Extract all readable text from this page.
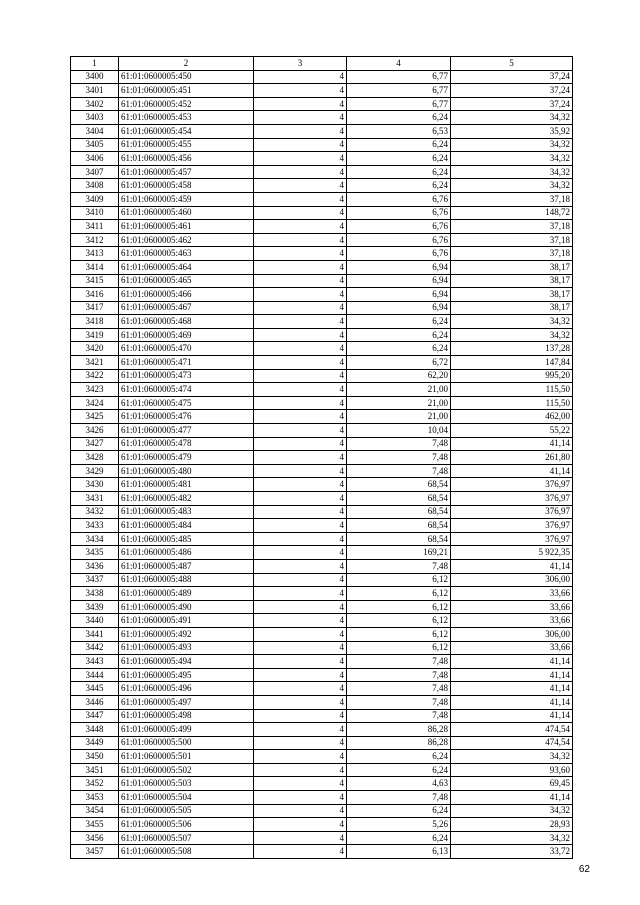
1	2	3	4	5
3400	61:01:0600005:450	4	6,77	37,24
3401	61:01:0600005:451	4	6,77	37,24
3402	61:01:0600005:452	4	6,77	37,24
3403	61:01:0600005:453	4	6,24	34,32
3404	61:01:0600005:454	4	6,53	35,92
3405	61:01:0600005:455	4	6,24	34,32
3406	61:01:0600005:456	4	6,24	34,32
3407	61:01:0600005:457	4	6,24	34,32
3408	61:01:0600005:458	4	6,24	34,32
3409	61:01:0600005:459	4	6,76	37,18
3410	61:01:0600005:460	4	6,76	148,72
3411	61:01:0600005:461	4	6,76	37,18
3412	61:01:0600005:462	4	6,76	37,18
3413	61:01:0600005:463	4	6,76	37,18
3414	61:01:0600005:464	4	6,94	38,17
3415	61:01:0600005:465	4	6,94	38,17
3416	61:01:0600005:466	4	6,94	38,17
3417	61:01:0600005:467	4	6,94	38,17
3418	61:01:0600005:468	4	6,24	34,32
3419	61:01:0600005:469	4	6,24	34,32
3420	61:01:0600005:470	4	6,24	137,28
3421	61:01:0600005:471	4	6,72	147,84
3422	61:01:0600005:473	4	62,20	995,20
3423	61:01:0600005:474	4	21,00	115,50
3424	61:01:0600005:475	4	21,00	115,50
3425	61:01:0600005:476	4	21,00	462,00
3426	61:01:0600005:477	4	10,04	55,22
3427	61:01:0600005:478	4	7,48	41,14
3428	61:01:0600005:479	4	7,48	261,80
3429	61:01:0600005:480	4	7,48	41,14
3430	61:01:0600005:481	4	68,54	376,97
3431	61:01:0600005:482	4	68,54	376,97
3432	61:01:0600005:483	4	68,54	376,97
3433	61:01:0600005:484	4	68,54	376,97
3434	61:01:0600005:485	4	68,54	376,97
3435	61:01:0600005:486	4	169,21	5 922,35
3436	61:01:0600005:487	4	7,48	41,14
3437	61:01:0600005:488	4	6,12	306,00
3438	61:01:0600005:489	4	6,12	33,66
3439	61:01:0600005:490	4	6,12	33,66
3440	61:01:0600005:491	4	6,12	33,66
3441	61:01:0600005:492	4	6,12	306,00
3442	61:01:0600005:493	4	6,12	33,66
3443	61:01:0600005:494	4	7,48	41,14
3444	61:01:0600005:495	4	7,48	41,14
3445	61:01:0600005:496	4	7,48	41,14
3446	61:01:0600005:497	4	7,48	41,14
3447	61:01:0600005:498	4	7,48	41,14
3448	61:01:0600005:499	4	86,28	474,54
3449	61:01:0600005:500	4	86,28	474,54
3450	61:01:0600005:501	4	6,24	34,32
3451	61:01:0600005:502	4	6,24	93,60
3452	61:01:0600005:503	4	4,63	69,45
3453	61:01:0600005:504	4	7,48	41,14
3454	61:01:0600005:505	4	6,24	34,32
3455	61:01:0600005:506	4	5,26	28,93
3456	61:01:0600005:507	4	6,24	34,32
3457	61:01:0600005:508	4	6,13	33,72
62
